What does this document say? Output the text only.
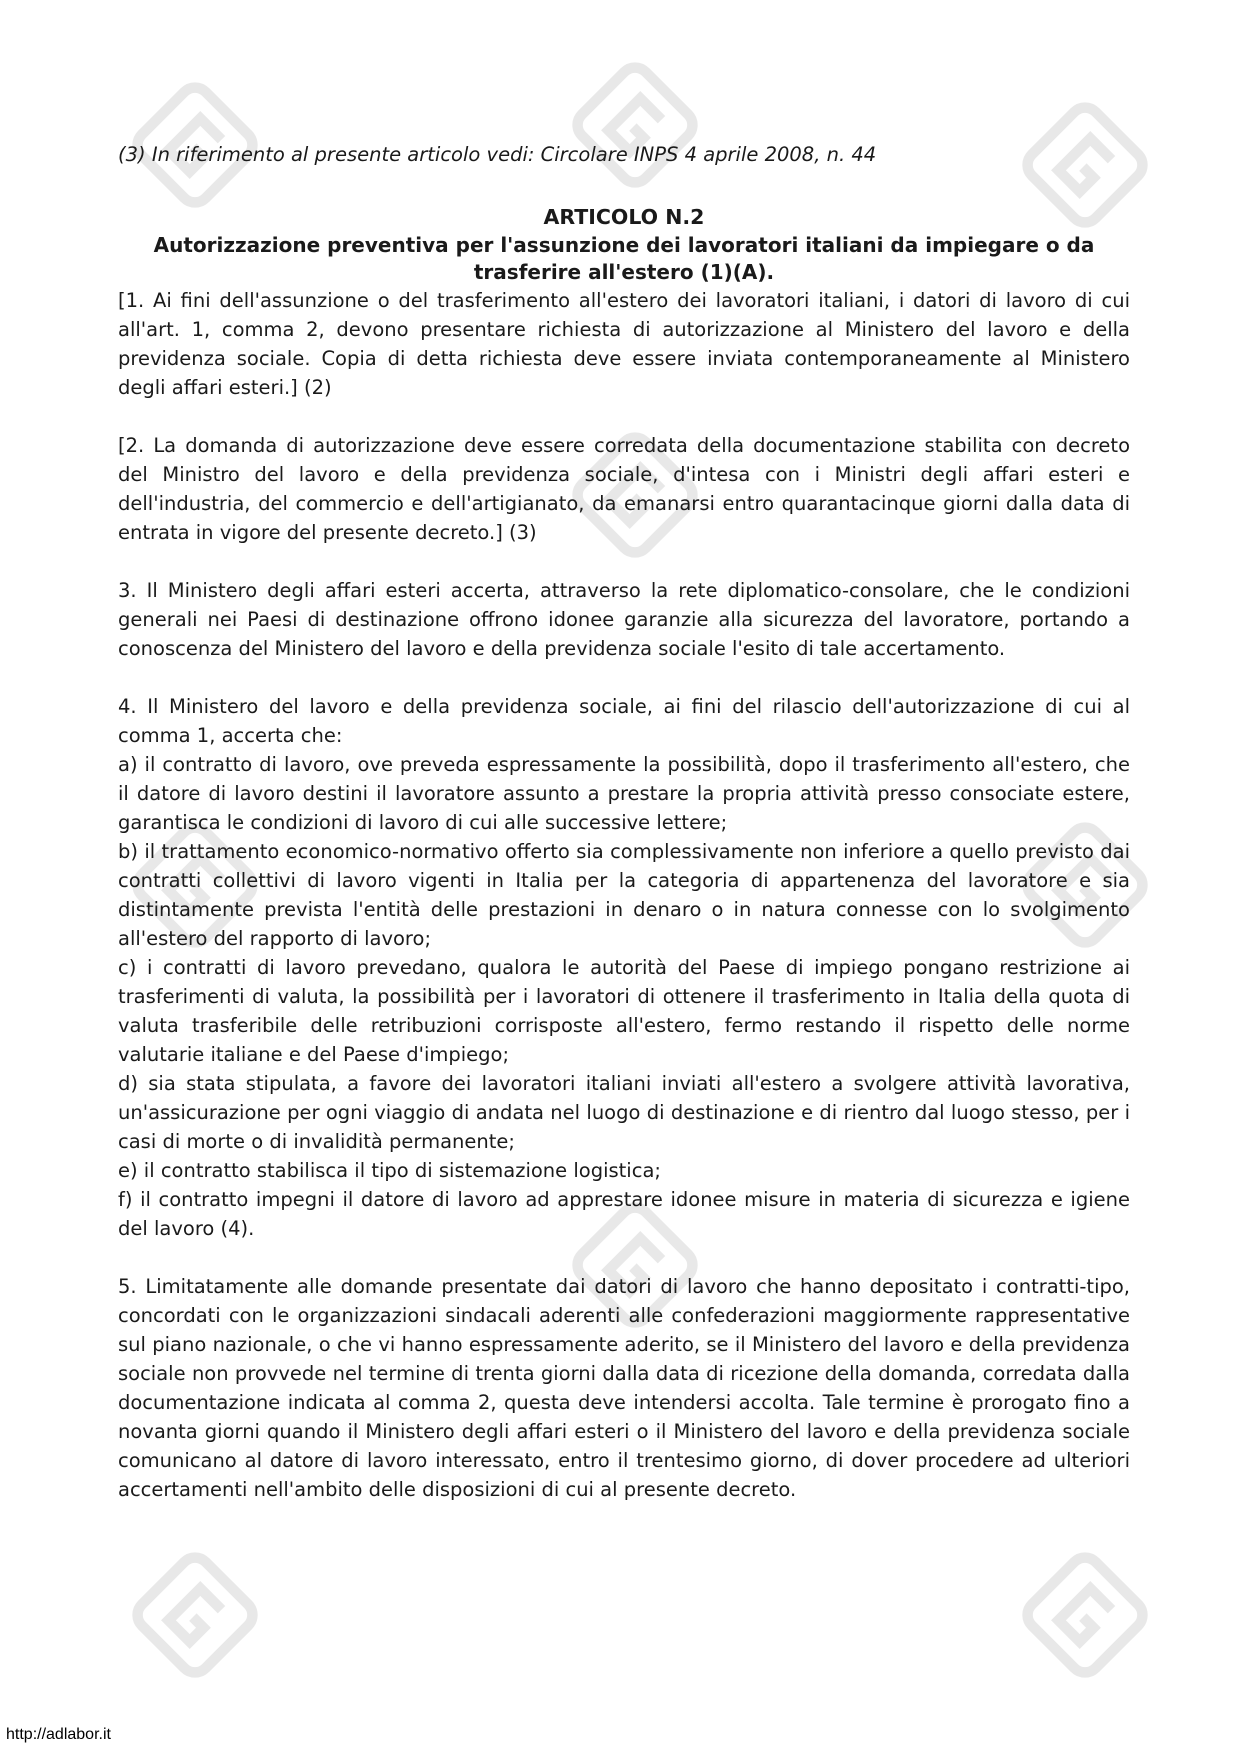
(3) In riferimento al presente articolo vedi: Circolare INPS 4 aprile 2008, n. 44

ARTICOLO N.2
Autorizzazione preventiva per l'assunzione dei lavoratori italiani da impiegare o da trasferire all'estero (1)(A).

[1. Ai fini dell'assunzione o del trasferimento all'estero dei lavoratori italiani, i datori di lavoro di cui all'art. 1, comma 2, devono presentare richiesta di autorizzazione al Ministero del lavoro e della previdenza sociale. Copia di detta richiesta deve essere inviata contemporaneamente al Ministero degli affari esteri.] (2)

[2. La domanda di autorizzazione deve essere corredata della documentazione stabilita con decreto del Ministro del lavoro e della previdenza sociale, d'intesa con i Ministri degli affari esteri e dell'industria, del commercio e dell'artigianato, da emanarsi entro quarantacinque giorni dalla data di entrata in vigore del presente decreto.] (3)

3. Il Ministero degli affari esteri accerta, attraverso la rete diplomatico-consolare, che le condizioni generali nei Paesi di destinazione offrono idonee garanzie alla sicurezza del lavoratore, portando a conoscenza del Ministero del lavoro e della previdenza sociale l'esito di tale accertamento.

4. Il Ministero del lavoro e della previdenza sociale, ai fini del rilascio dell'autorizzazione di cui al comma 1, accerta che:

a) il contratto di lavoro, ove preveda espressamente la possibilità, dopo il trasferimento all'estero, che il datore di lavoro destini il lavoratore assunto a prestare la propria attività presso consociate estere, garantisca le condizioni di lavoro di cui alle successive lettere;

b) il trattamento economico-normativo offerto sia complessivamente non inferiore a quello previsto dai contratti collettivi di lavoro vigenti in Italia per la categoria di appartenenza del lavoratore e sia distintamente prevista l'entità delle prestazioni in denaro o in natura connesse con lo svolgimento all'estero del rapporto di lavoro;

c) i contratti di lavoro prevedano, qualora le autorità del Paese di impiego pongano restrizione ai trasferimenti di valuta, la possibilità per i lavoratori di ottenere il trasferimento in Italia della quota di valuta trasferibile delle retribuzioni corrisposte all'estero, fermo restando il rispetto delle norme valutarie italiane e del Paese d'impiego;

d) sia stata stipulata, a favore dei lavoratori italiani inviati all'estero a svolgere attività lavorativa, un'assicurazione per ogni viaggio di andata nel luogo di destinazione e di rientro dal luogo stesso, per i casi di morte o di invalidità permanente;

e) il contratto stabilisca il tipo di sistemazione logistica;

f) il contratto impegni il datore di lavoro ad apprestare idonee misure in materia di sicurezza e igiene del lavoro (4).

5. Limitatamente alle domande presentate dai datori di lavoro che hanno depositato i contratti-tipo, concordati con le organizzazioni sindacali aderenti alle confederazioni maggiormente rappresentative sul piano nazionale, o che vi hanno espressamente aderito, se il Ministero del lavoro e della previdenza sociale non provvede nel termine di trenta giorni dalla data di ricezione della domanda, corredata dalla documentazione indicata al comma 2, questa deve intendersi accolta. Tale termine è prorogato fino a novanta giorni quando il Ministero degli affari esteri o il Ministero del lavoro e della previdenza sociale comunicano al datore di lavoro interessato, entro il trentesimo giorno, di dover procedere ad ulteriori accertamenti nell'ambito delle disposizioni di cui al presente decreto.

http://adlabor.it
